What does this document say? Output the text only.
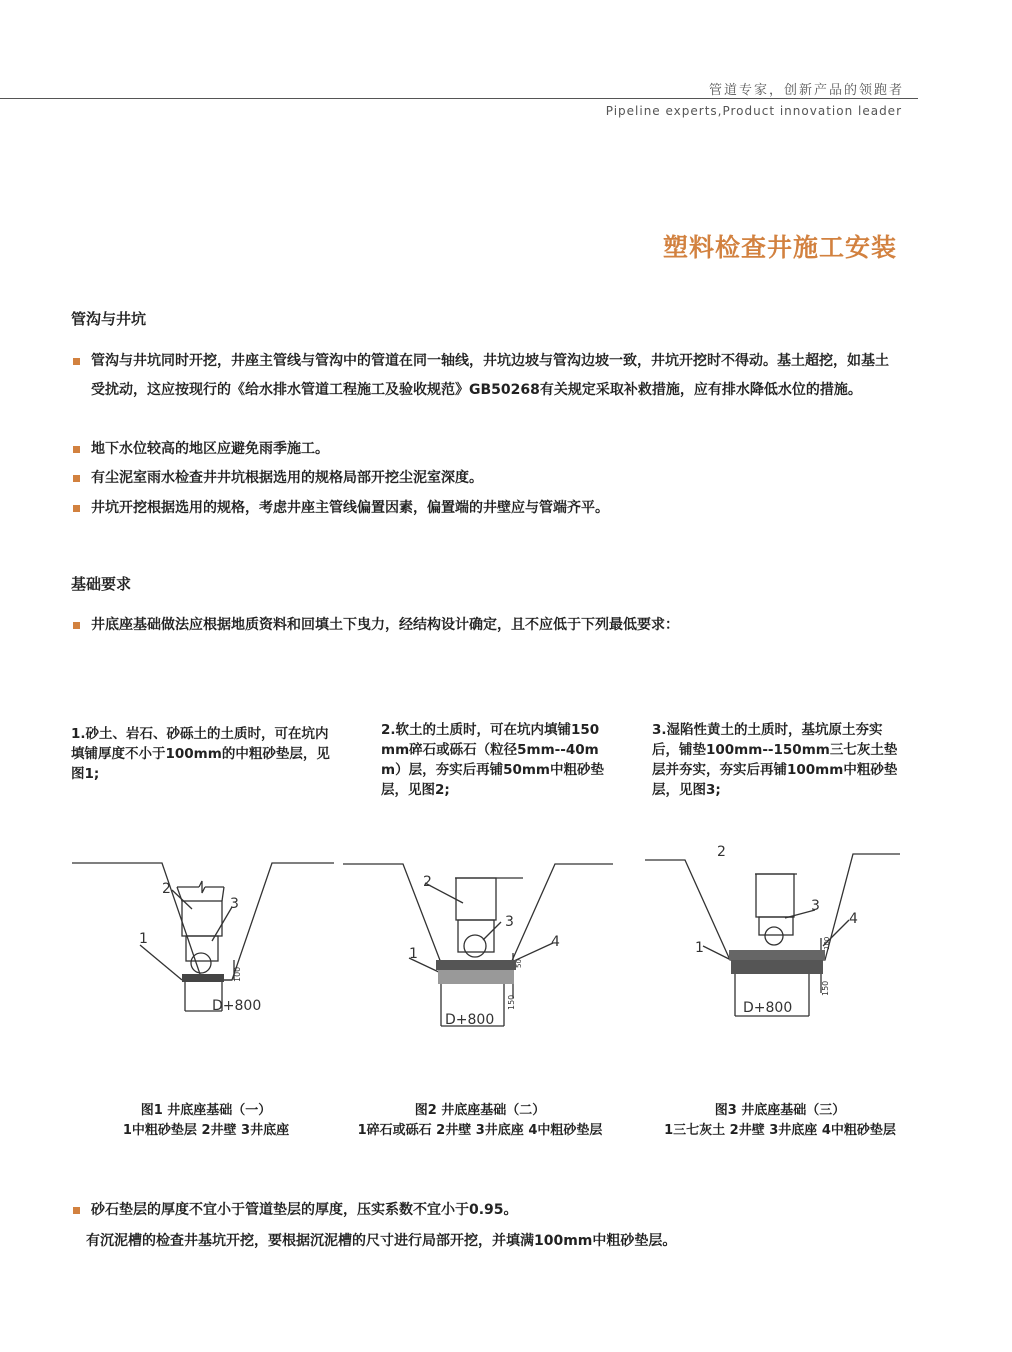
管道专家，创新产品的领跑者
Pipeline experts,Product innovation leader
塑料检查井施工安装
管沟与井坑
管沟与井坑同时开挖，井座主管线与管沟中的管道在同一轴线，井坑边坡与管沟边坡一致，井坑开挖时不得动。基土超挖，如基土受扰动，这应按现行的《给水排水管道工程施工及验收规范》GB50268有关规定采取补救措施，应有排水降低水位的措施。
地下水位较高的地区应避免雨季施工。
有尘泥室雨水检查井井坑根据选用的规格局部开挖尘泥室深度。
井坑开挖根据选用的规格，考虑井座主管线偏置因素，偏置端的井壁应与管端齐平。
基础要求
井底座基础做法应根据地质资料和回填土下曳力，经结构设计确定，且不应低于下列最低要求：
1.砂土、岩石、砂砾土的土质时，可在坑内填铺厚度不小于100mm的中粗砂垫层，见图1;
2.软土的土质时，可在坑内填铺150mm碎石或砾石（粒径5mm--40mm）层，夯实后再铺50mm中粗砂垫层，见图2;
3.湿陷性黄土的土质时，基坑原土夯实后，铺垫100mm--150mm三七灰土垫层并夯实，夯实后再铺100mm中粗砂垫层，见图3;
2
3
1
D+800
100
2
3
4
1
D+800
150
50
2
3
4
1
D+800
150
100
图1 井底座基础（一）
1中粗砂垫层 2井壁 3井底座
图2 井底座基础（二）
1碎石或砾石 2井壁 3井底座 4中粗砂垫层
图3 井底座基础（三）
1三七灰土 2井壁 3井底座 4中粗砂垫层
砂石垫层的厚度不宜小于管道垫层的厚度，压实系数不宜小于0.95。
有沉泥槽的检查井基坑开挖，要根据沉泥槽的尺寸进行局部开挖，并填满100mm中粗砂垫层。
